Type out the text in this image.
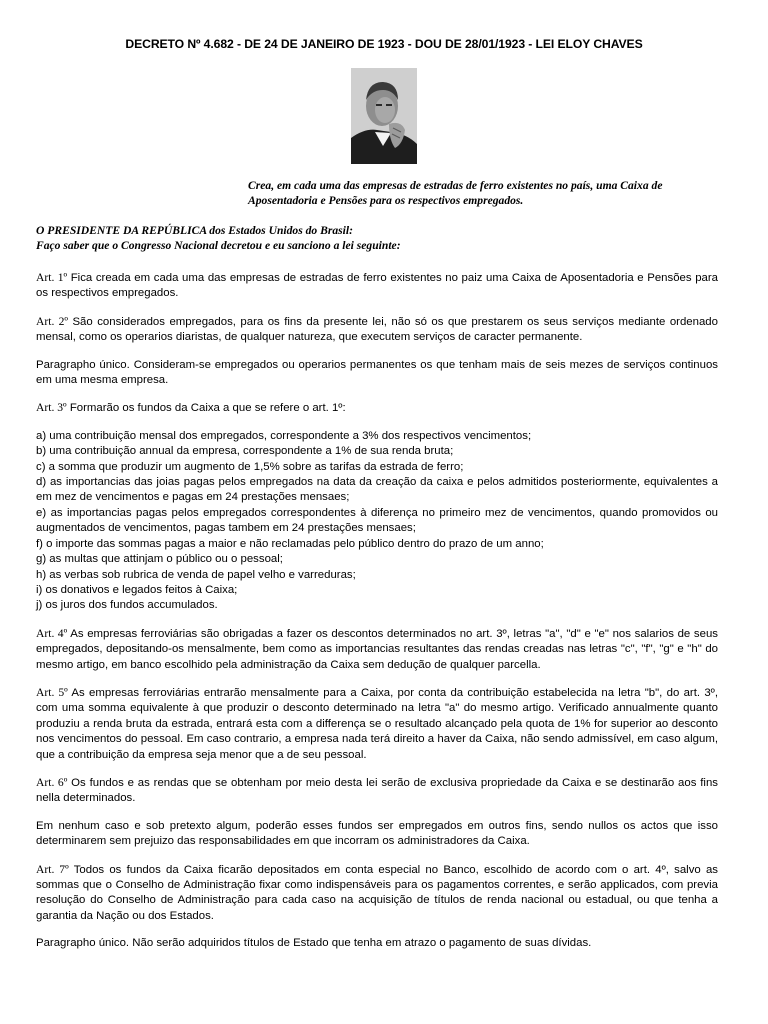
DECRETO Nº 4.682 - DE 24 DE JANEIRO DE 1923 - DOU DE 28/01/1923 - LEI ELOY CHAVES
Crea, em cada uma das empresas de estradas de ferro existentes no país, uma Caixa de Aposentadoria e Pensões para os respectivos empregados.
O PRESIDENTE DA REPÚBLICA dos Estados Unidos do Brasil:
Faço saber que o Congresso Nacional decretou e eu sanciono a lei seguinte:

Art. 1º Fica creada em cada uma das empresas de estradas de ferro existentes no paiz uma Caixa de Aposentadoria e Pensões para os respectivos empregados.

Art. 2º São considerados empregados, para os fins da presente lei, não só os que prestarem os seus serviços mediante ordenado mensal, como os operarios diaristas, de qualquer natureza, que executem serviços de caracter permanente.

Paragrapho único. Consideram-se empregados ou operarios permanentes os que tenham mais de seis mezes de serviços continuos em uma mesma empresa.

Art. 3º Formarão os fundos da Caixa a que se refere o art. 1º:

a) uma contribuição mensal dos empregados, correspondente a 3% dos respectivos vencimentos;
b) uma contribuição annual da empresa, correspondente a 1% de sua renda bruta;
c) a somma que produzir um augmento de 1,5% sobre as tarifas da estrada de ferro;
d) as importancias das joias pagas pelos empregados na data da creação da caixa e pelos admitidos posteriormente, equivalentes a em mez de vencimentos e pagas em 24 prestações mensaes;
e) as importancias pagas pelos empregados correspondentes à diferença no primeiro mez de vencimentos, quando promovidos ou augmentados de vencimentos, pagas tambem em 24 prestações mensaes;
f) o importe das sommas pagas a maior e não reclamadas pelo público dentro do prazo de um anno;
g) as multas que attinjam o público ou o pessoal;
h) as verbas sob rubrica de venda de papel velho e varreduras;
i) os donativos e legados feitos à Caixa;
j) os juros dos fundos accumulados.

Art. 4º As empresas ferroviárias são obrigadas a fazer os descontos determinados no art. 3º, letras "a", "d" e "e" nos salarios de seus empregados, depositando-os mensalmente, bem como as importancias resultantes das rendas creadas nas letras "c", "f", "g" e "h" do mesmo artigo, em banco escolhido pela administração da Caixa sem dedução de qualquer parcella.

Art. 5º As empresas ferroviárias entrarão mensalmente para a Caixa, por conta da contribuição estabelecida na letra "b", do art. 3º, com uma somma equivalente à que produzir o desconto determinado na letra "a" do mesmo artigo. Verificado annualmente quanto produziu a renda bruta da estrada, entrará esta com a differença se o resultado alcançado pela quota de 1% for superior ao desconto nos vencimentos do pessoal. Em caso contrario, a empresa nada terá direito a haver da Caixa, não sendo admissível, em caso algum, que a contribuição da empresa seja menor que a de seu pessoal.

Art. 6º Os fundos e as rendas que se obtenham por meio desta lei serão de exclusiva propriedade da Caixa e se destinarão aos fins nella determinados.

Em nenhum caso e sob pretexto algum, poderão esses fundos ser empregados em outros fins, sendo nullos os actos que isso determinarem sem prejuizo das responsabilidades em que incorram os administradores da Caixa.

Art. 7º Todos os fundos da Caixa ficarão depositados em conta especial no Banco, escolhido de acordo com o art. 4º, salvo as sommas que o Conselho de Administração fixar como indispensáveis para os pagamentos correntes, e serão applicados, com previa resolução do Conselho de Administração para cada caso na acquisição de títulos de renda nacional ou estadual, ou que tenha a garantia da Nação ou dos Estados.

Paragrapho único. Não serão adquiridos títulos de Estado que tenha em atrazo o pagamento de suas dívidas.
